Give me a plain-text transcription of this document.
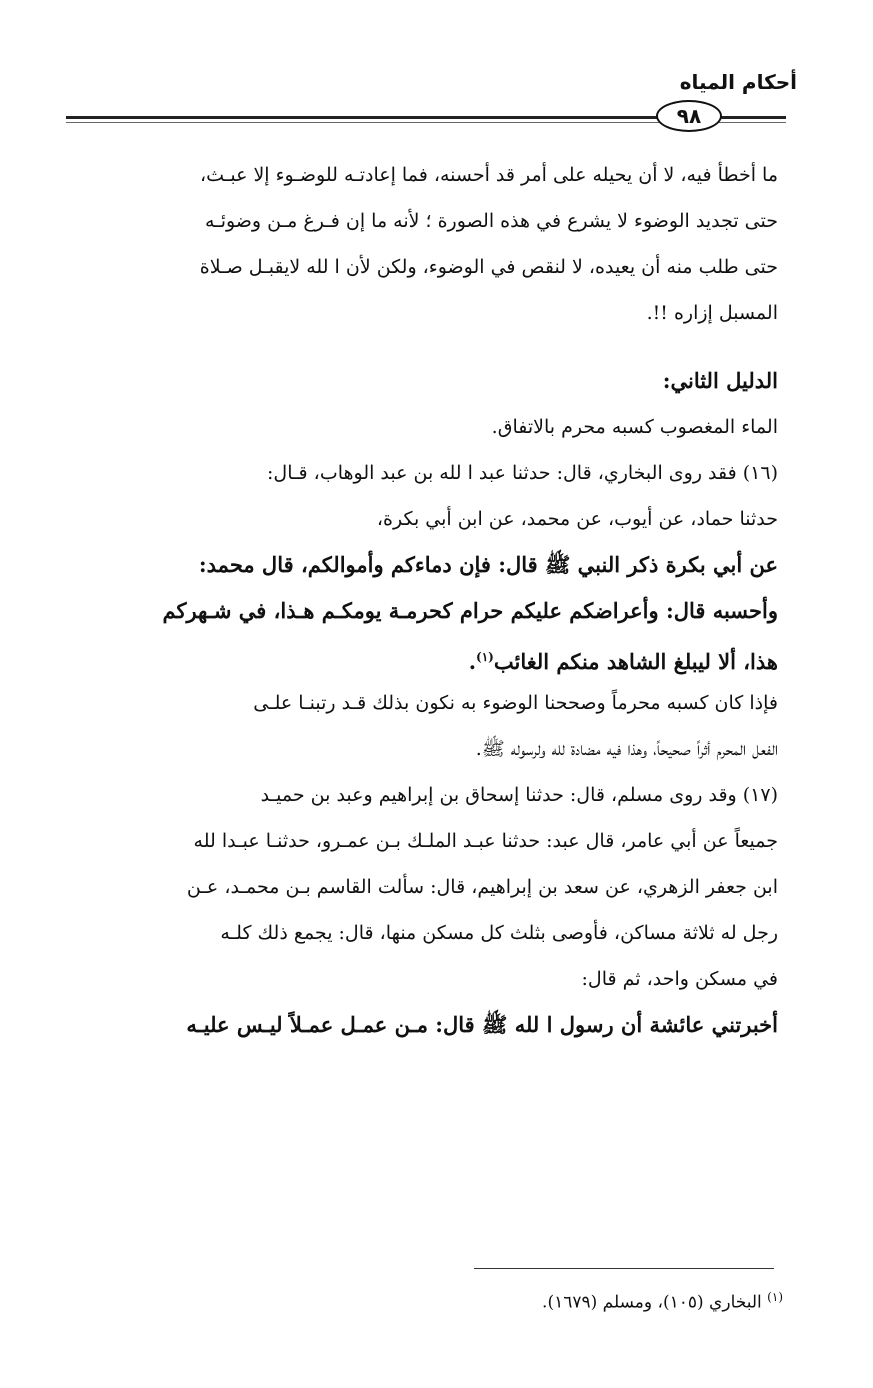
أحكام المياه
٩٨
ما أخطأ فيه، لا أن يحيله على أمر قد أحسنه، فما إعادتـه للوضـوء إلا عبـث،
حتى تجديد الوضوء لا يشرع في هذه الصورة ؛ لأنه ما إن فـرغ مـن وضوئـه
حتى طلب منه أن يعيده، لا لنقص في الوضوء، ولكن لأن ا لله لايقبـل صـلاة
المسبل إزاره !!.
الدليل الثاني:
الماء المغصوب كسبه محرم بالاتفاق.
(١٦) فقد روى البخاري، قال: حدثنا عبد ا لله بن عبد الوهاب، قـال:
حدثنا حماد، عن أيوب، عن محمد، عن ابن أبي بكرة،
عن أبي بكرة ذكر النبي ﷺ قال: فإن دماءكم وأموالكم، قال محمد:
وأحسبه قال: وأعراضكم عليكم حرام كحرمـة يومكـم هـذا، في شـهركم
هذا، ألا ليبلغ الشاهد منكم الغائب$^{(١)}$.
فإذا كان كسبه محرماً وصححنا الوضوء به نكون بذلك قـد رتبنـا علـى
الفعل المحرم أثراً صحيحاً، وهذا فيه مضادة لله ولرسوله ﷺ.
(١٧) وقد روى مسلم، قال: حدثنا إسحاق بن إبراهيم وعبد بن حميـد
جميعاً عن أبي عامر، قال عبد: حدثنا عبـد الملـك بـن عمـرو، حدثنـا عبـدا لله
ابن جعفر الزهري، عن سعد بن إبراهيم، قال: سألت القاسم بـن محمـد، عـن
رجل له ثلاثة مساكن، فأوصى بثلث كل مسكن منها، قال: يجمع ذلك كلـه
في مسكن واحد، ثم قال:
أخبرتني عائشة أن رسول ا لله ﷺ قال: مـن عمـل عمـلاً ليـس عليـه
$^{(١)}$ البخاري (١٠٥)، ومسلم (١٦٧٩).
